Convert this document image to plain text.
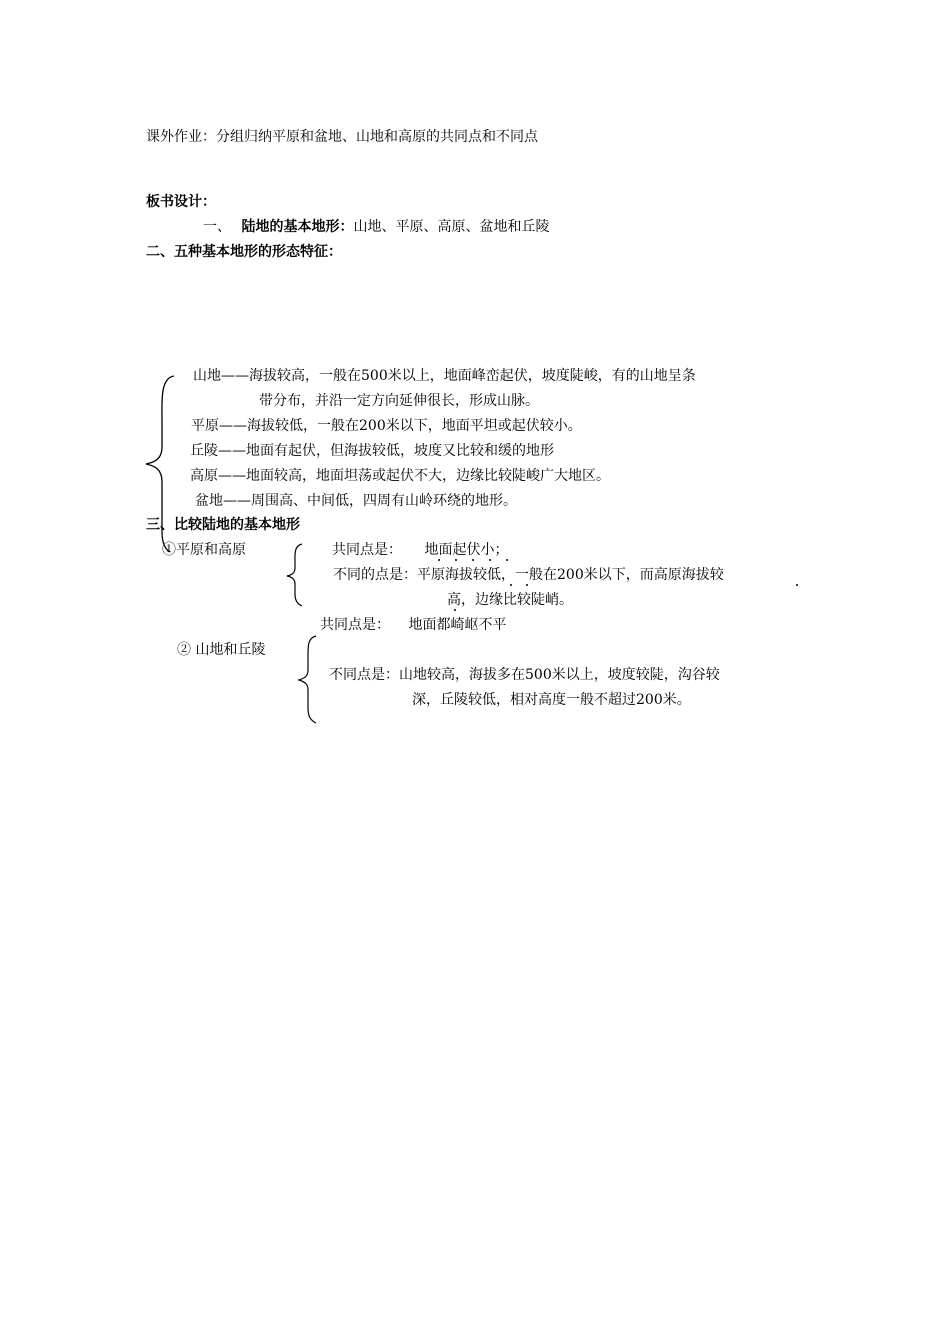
课外作业：分组归纳平原和盆地、山地和高原的共同点和不同点
板书设计：
一、 陆地的基本地形：山地、平原、高原、盆地和丘陵
二、五种基本地形的形态特征：
山地——海拔较高，一般在500米以上，地面峰峦起伏，坡度陡峻，有的山地呈条
带分布，并沿一定方向延伸很长，形成山脉。
平原——海拔较低，一般在200米以下，地面平坦或起伏较小。
丘陵——地面有起伏，但海拔较低，坡度又比较和缓的地形
高原——地面较高，地面坦荡或起伏不大，边缘比较陡峻广大地区。
盆地——周围高、中间低，四周有山岭环绕的地形。
三、比较陆地的基本地形
①平原和高原	共同点是： 地面起伏小；
不同的点是：平原海拔较低，一般在200米以下，而高原海拔较
高，边缘比较陡峭。
共同点是： 地面都崎岖不平
② 山地和丘陵
不同点是：山地较高，海拔多在500米以上，坡度较陡，沟谷较
深，丘陵较低，相对高度一般不超过200米。
